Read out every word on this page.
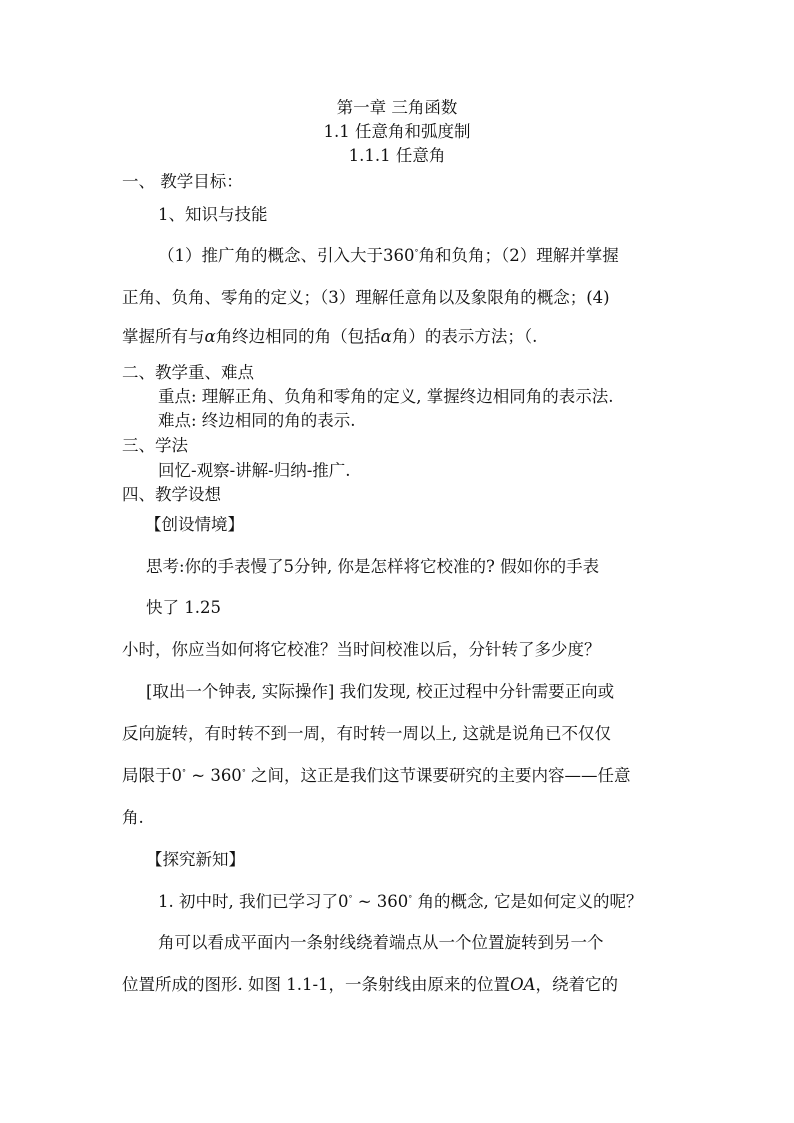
第一章 三角函数
1.1 任意角和弧度制
1.1.1 任意角
一、 教学目标：
1、知识与技能
（1）推广角的概念、引入大于360°角和负角；（2）理解并掌握
正角、负角、零角的定义；（3）理解任意角以及象限角的概念；(4)
掌握所有与α角终边相同的角（包括α角）的表示方法；（.
二、教学重、难点
重点: 理解正角、负角和零角的定义, 掌握终边相同角的表示法.
难点: 终边相同的角的表示.
三、学法
回忆-观察-讲解-归纳-推广.
四、教学设想
【创设情境】
思考:你的手表慢了5分钟, 你是怎样将它校准的? 假如你的手表
快了 1.25
小时，你应当如何将它校准？当时间校准以后，分针转了多少度？
[取出一个钟表, 实际操作] 我们发现, 校正过程中分针需要正向或
反向旋转，有时转不到一周，有时转一周以上, 这就是说角已不仅仅
局限于0° ~ 360° 之间，这正是我们这节课要研究的主要内容——任意
角.
【探究新知】
1. 初中时, 我们已学习了0° ~ 360° 角的概念, 它是如何定义的呢？
角可以看成平面内一条射线绕着端点从一个位置旋转到另一个
位置所成的图形. 如图 1.1-1，一条射线由原来的位置OA，绕着它的
